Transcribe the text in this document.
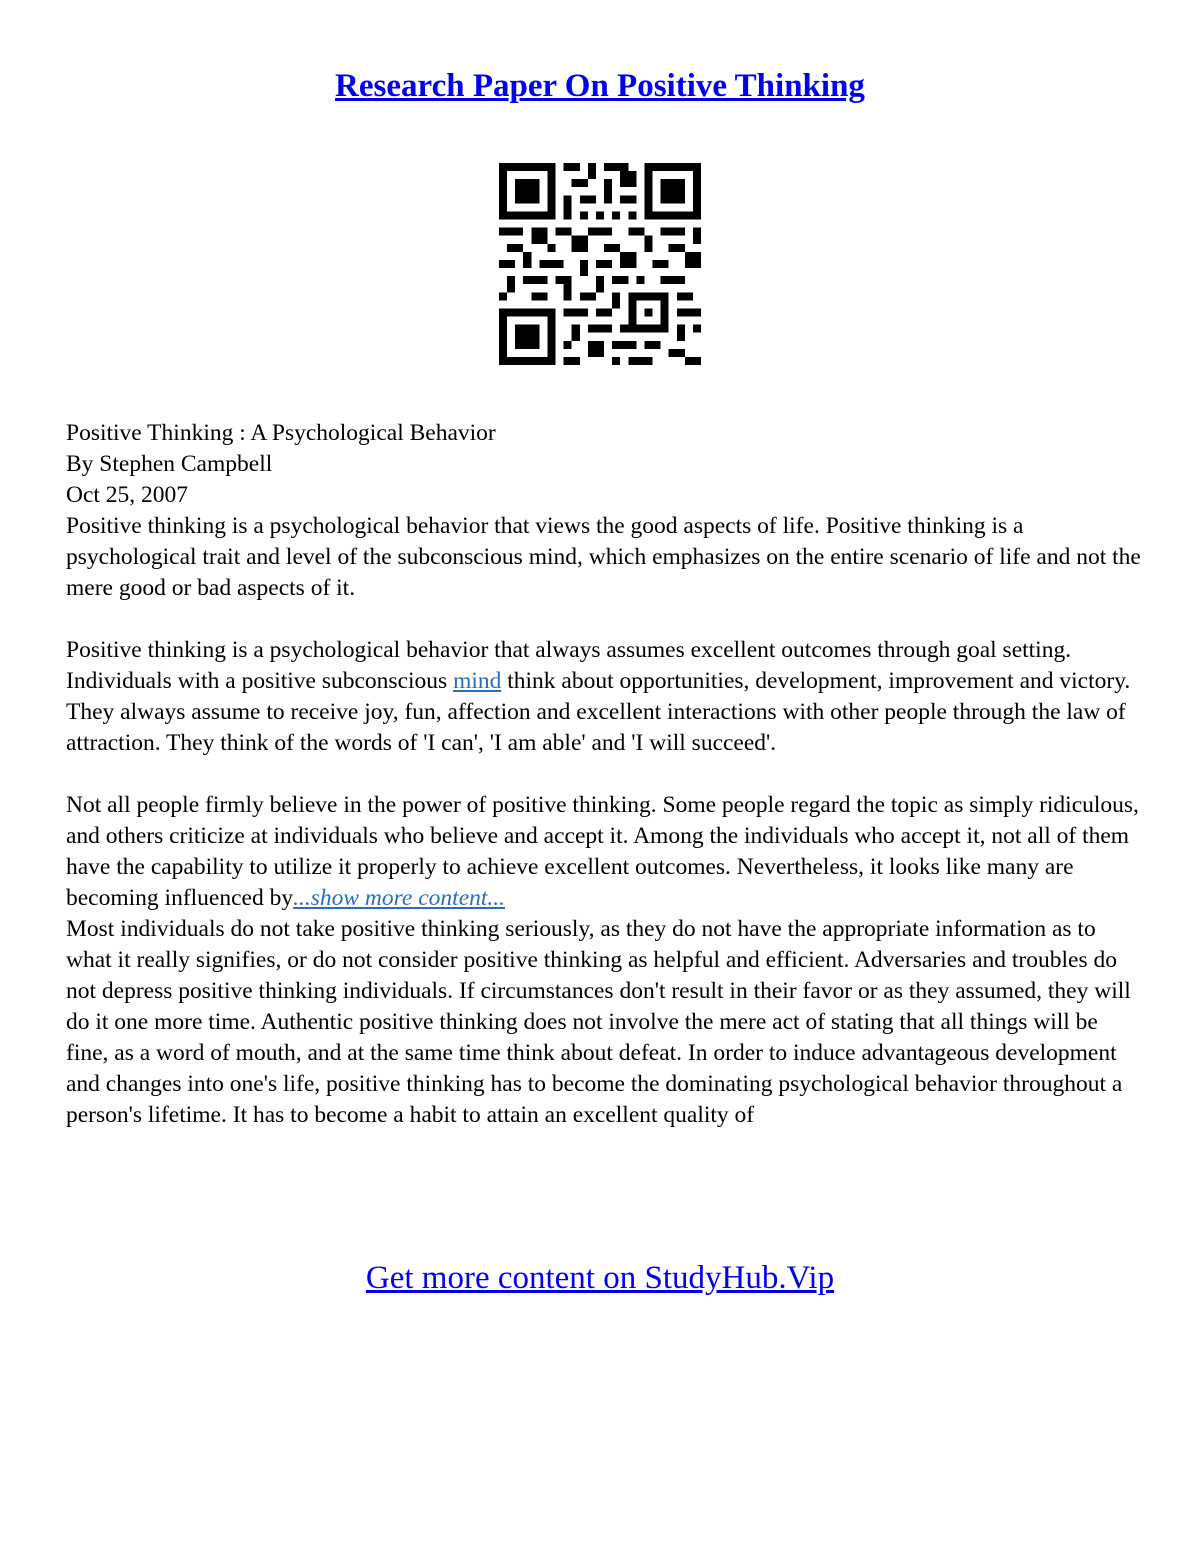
Research Paper On Positive Thinking

Positive Thinking : A Psychological Behavior

By Stephen Campbell

Oct 25, 2007

Positive thinking is a psychological behavior that views the good aspects of life. Positive thinking is a psychological trait and level of the subconscious mind, which emphasizes on the entire scenario of life and not the mere good or bad aspects of it.

Positive thinking is a psychological behavior that always assumes excellent outcomes through goal setting. Individuals with a positive subconscious mind think about opportunities, development, improvement and victory. They always assume to receive joy, fun, affection and excellent interactions with other people through the law of attraction. They think of the words of 'I can', 'I am able' and 'I will succeed'.

Not all people firmly believe in the power of positive thinking. Some people regard the topic as simply ridiculous, and others criticize at individuals who believe and accept it. Among the individuals who accept it, not all of them have the capability to utilize it properly to achieve excellent outcomes. Nevertheless, it looks like many are becoming influenced by...show more content...

Most individuals do not take positive thinking seriously, as they do not have the appropriate information as to what it really signifies, or do not consider positive thinking as helpful and efficient. Adversaries and troubles do not depress positive thinking individuals. If circumstances don't result in their favor or as they assumed, they will do it one more time. Authentic positive thinking does not involve the mere act of stating that all things will be fine, as a word of mouth, and at the same time think about defeat. In order to induce advantageous development and changes into one's life, positive thinking has to become the dominating psychological behavior throughout a person's lifetime. It has to become a habit to attain an excellent quality of

Get more content on StudyHub.Vip
